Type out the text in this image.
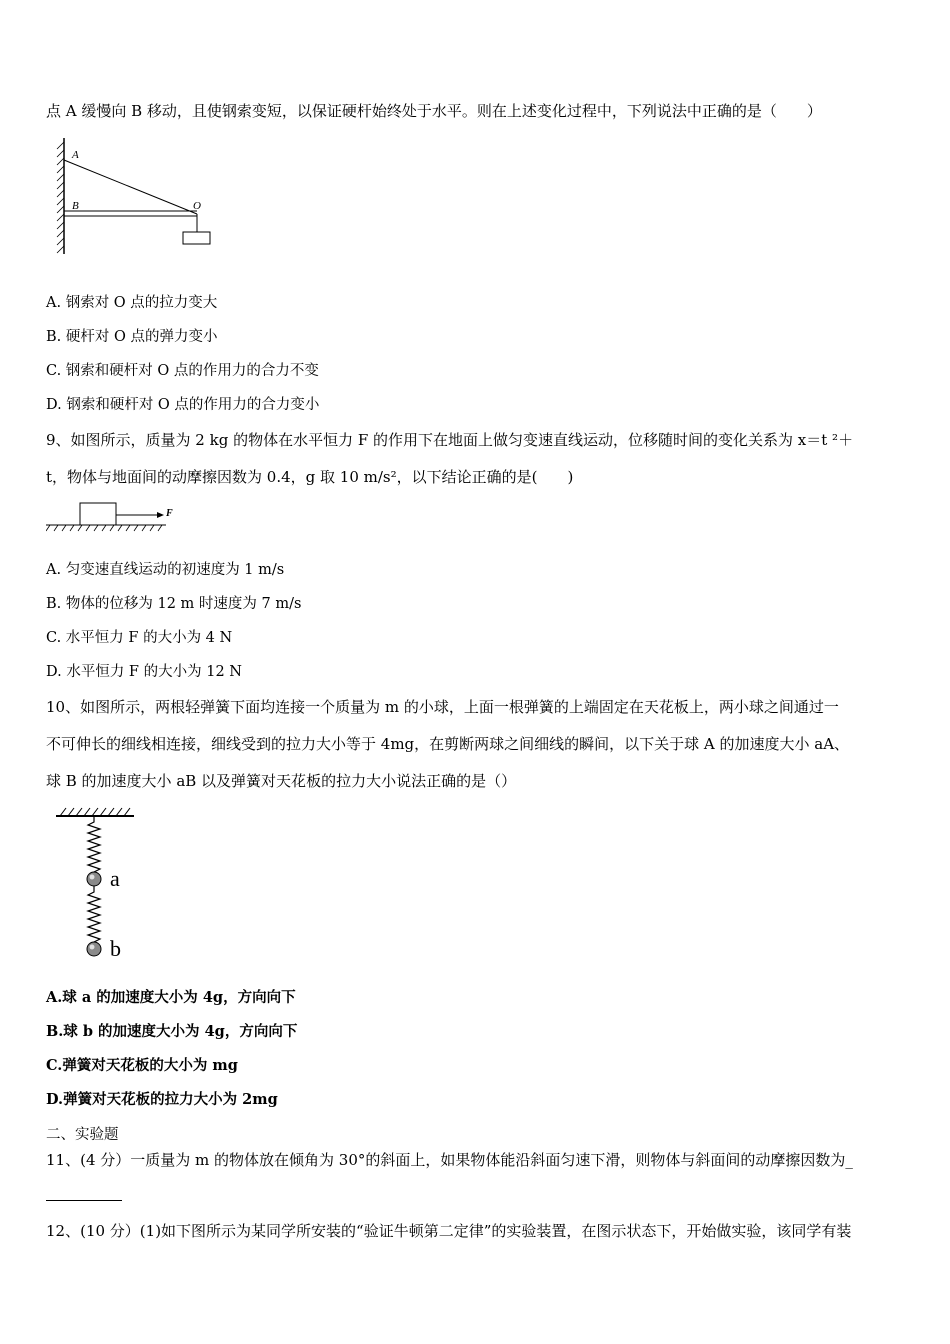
点 A 缓慢向 B 移动，且使钢索变短，以保证硬杆始终处于水平。则在上述变化过程中，下列说法中正确的是（　　）
A
B	O
A. 钢索对 O 点的拉力变大
B. 硬杆对 O 点的弹力变小
C. 钢索和硬杆对 O 点的作用力的合力不变
D. 钢索和硬杆对 O 点的作用力的合力变小
9、如图所示，质量为 2 kg 的物体在水平恒力 F 的作用下在地面上做匀变速直线运动，位移随时间的变化关系为 x＝t ²＋
t，物体与地面间的动摩擦因数为 0.4，g 取 10 m/s²，以下结论正确的是(　　)
F
A. 匀变速直线运动的初速度为 1 m/s
B. 物体的位移为 12 m 时速度为 7 m/s
C. 水平恒力 F 的大小为 4 N
D. 水平恒力 F 的大小为 12 N
10、如图所示，两根轻弹簧下面均连接一个质量为 m 的小球，上面一根弹簧的上端固定在天花板上，两小球之间通过一
不可伸长的细线相连接，细线受到的拉力大小等于 4mg，在剪断两球之间细线的瞬间，以下关于球 A 的加速度大小 aA、
球 B 的加速度大小 aB 以及弹簧对天花板的拉力大小说法正确的是（）
a
b
A.球 a 的加速度大小为 4g，方向向下
B.球 b 的加速度大小为 4g，方向向下
C.弹簧对天花板的大小为 mg
D.弹簧对天花板的拉力大小为 2mg
二、实验题
11、(4 分）一质量为 m 的物体放在倾角为 30°的斜面上，如果物体能沿斜面匀速下滑，则物体与斜面间的动摩擦因数为_
12、(10 分）(1)如下图所示为某同学所安装的“验证牛顿第二定律”的实验装置，在图示状态下，开始做实验，该同学有装
